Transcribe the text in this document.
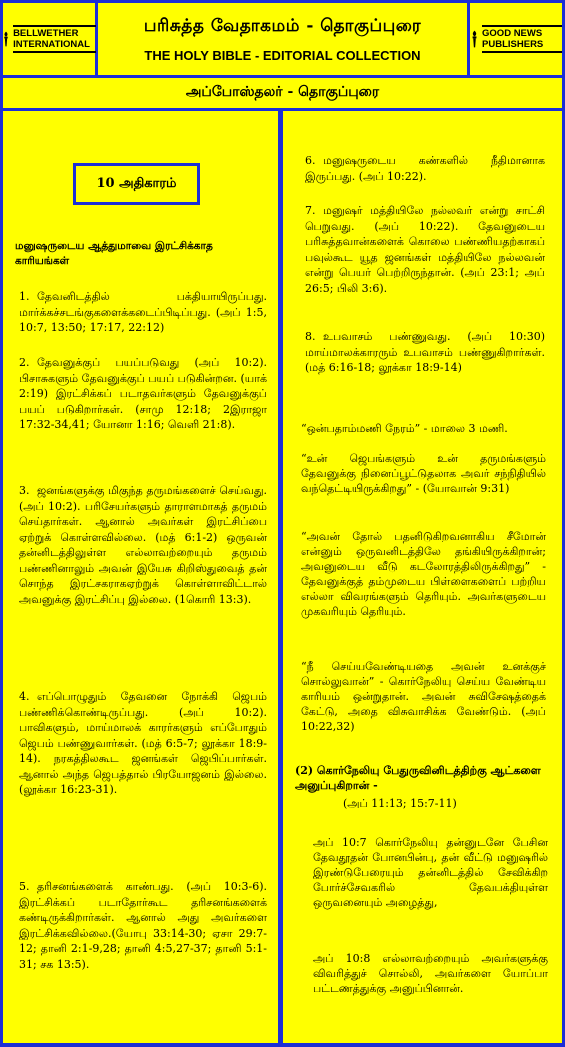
BELLWETHER INTERNATIONAL
பரிசுத்த வேதாகமம் - தொகுப்புரை
THE HOLY BIBLE - EDITORIAL COLLECTION
GOOD NEWS PUBLISHERS
அப்போஸ்தலர் - தொகுப்புரை
10 அதிகாரம்
மனுஷருடைய ஆத்துமாவை இரட்சிக்காத காரியங்கள்
1. தேவனிடத்தில் பக்தியாயிருப்பது. மார்க்கச்சடங்குகளைக்கடைப்பிடிப்பது. (அப் 1:5, 10:7, 13:50; 17:17, 22:12)
2. தேவனுக்குப் பயப்படுவது (அப் 10:2). பிசாசுகளும் தேவனுக்குப் பயப் படுகின்றன. (யாக் 2:19) இரட்சிக்கப் படாதவர்களும் தேவனுக்குப் பயப் படுகிறார்கள். (சாமு 12:18; 2இராஜா 17:32-34,41; யோனா 1:16; வெளி 21:8).
3. ஜனங்களுக்கு மிகுந்த தருமங்களைச் செய்வது. (அப் 10:2). பரிசேயர்களும் தாராளமாகத் தருமம் செய்தார்கள். ஆனால் அவர்கள் இரட்சிப்பை ஏற்றுக் கொள்ளவில்லை. (மத் 6:1-2) ஒருவன் தன்னிடத்திலுள்ள எல்லாவற்றையும் தருமம் பண்ணினாலும் அவன் இயேசு கிறிஸ்துவைத் தன் சொந்த இரட்சகராகஏற்றுக் கொள்ளாவிட்டால் அவனுக்கு இரட்சிப்பு இல்லை. (1கொரி 13:3).
4. எப்பொழுதும் தேவனை நோக்கி ஜெபம் பண்ணிக்கொண்டிருப்பது. (அப் 10:2). பாவிகளும், மாய்மாலக் காரர்களும் எப்போதும் ஜெபம் பண்ணுவார்கள். (மத் 6:5-7; லூக்கா 18:9-14). நரகத்திலகூட ஜனங்கள் ஜெபிப்பார்கள். ஆனால் அந்த ஜெபத்தால் பிரயோஜனம் இல்லை. (லூக்கா 16:23-31).
5. தரிசனங்களைக் காண்பது. (அப் 10:3-6). இரட்சிக்கப் படாதோர்கூட தரிசனங்களைக் கண்டிருக்கிறார்கள். ஆனால் அது அவர்களை இரட்சிக்கவில்லை.(யோபு 33:14-30; ஏசா 29:7-12; தானி 2:1-9,28; தானி 4:5,27-37; தானி 5:1-31; சக 13:5).
6. மனுஷருடைய கண்களில் நீதிமானாக இருப்பது. (அப் 10:22).
7. மனுஷர் மத்தியிலே நல்லவர் என்று சாட்சி பெறுவது. (அப் 10:22). தேவனுடைய பரிசுத்தவான்களைக் கொலை பண்ணியதற்காகப் பவுல்கூட யூத ஜனங்கள் மத்தியிலே நல்லவன் என்று பெயர் பெற்றிருந்தான். (அப் 23:1; அப் 26:5; பிலி 3:6).
8. உபவாசம் பண்ணுவது. (அப் 10:30) மாய்மாலக்காரரும் உபவாசம் பண்ணுகிறார்கள். (மத் 6:16-18; லூக்கா 18:9-14)
“ஒன்பதாம்மணி நேரம்” - மாலை 3 மணி.
“உன் ஜெபங்களும் உன் தருமங்களும் தேவனுக்கு நினைப்பூட்டுதலாக அவர் சந்நிதியில் வந்தெட்டியிருக்கிறது” - (யோவான் 9:31)
“அவன் தோல் பதனிடுகிறவனாகிய சீமோன் என்னும் ஒருவனிடத்திலே தங்கியிருக்கிறான்; அவனுடைய வீடு கடலோரத்திலிருக்கிறது” - தேவனுக்குத் தம்முடைய பிள்ளைகளைப் பற்றிய எல்லா விவரங்களும் தெரியும். அவர்களுடைய முகவரியும் தெரியும்.
“நீ செய்யவேண்டியதை அவன் உனக்குச் சொல்லுவான்” - கொர்நேலியு செய்ய வேண்டிய காரியம் ஒன்றுதான். அவன் சுவிசேஷத்தைக் கேட்டு, அதை விசுவாசிக்க வேண்டும். (அப் 10:22,32)
(2) கொர்நேலியு பேதுருவினிடத்திற்கு ஆட்களை அனுப்புகிறான் -
(அப் 11:13; 15:7-11)
அப் 10:7 கொர்நேலியு தன்னுடனே பேசின தேவதூதன் போனபின்பு, தன் வீட்டு மனுஷரில் இரண்டுபேரையும் தன்னிடத்தில் சேவிக்கிற போர்ச்சேவகரில் தேவபக்தியுள்ள ஒருவனையும் அழைத்து,
அப் 10:8 எல்லாவற்றையும் அவர்களுக்கு விவரித்துச் சொல்லி, அவர்களை யோப்பா பட்டணத்துக்கு அனுப்பினான்.
